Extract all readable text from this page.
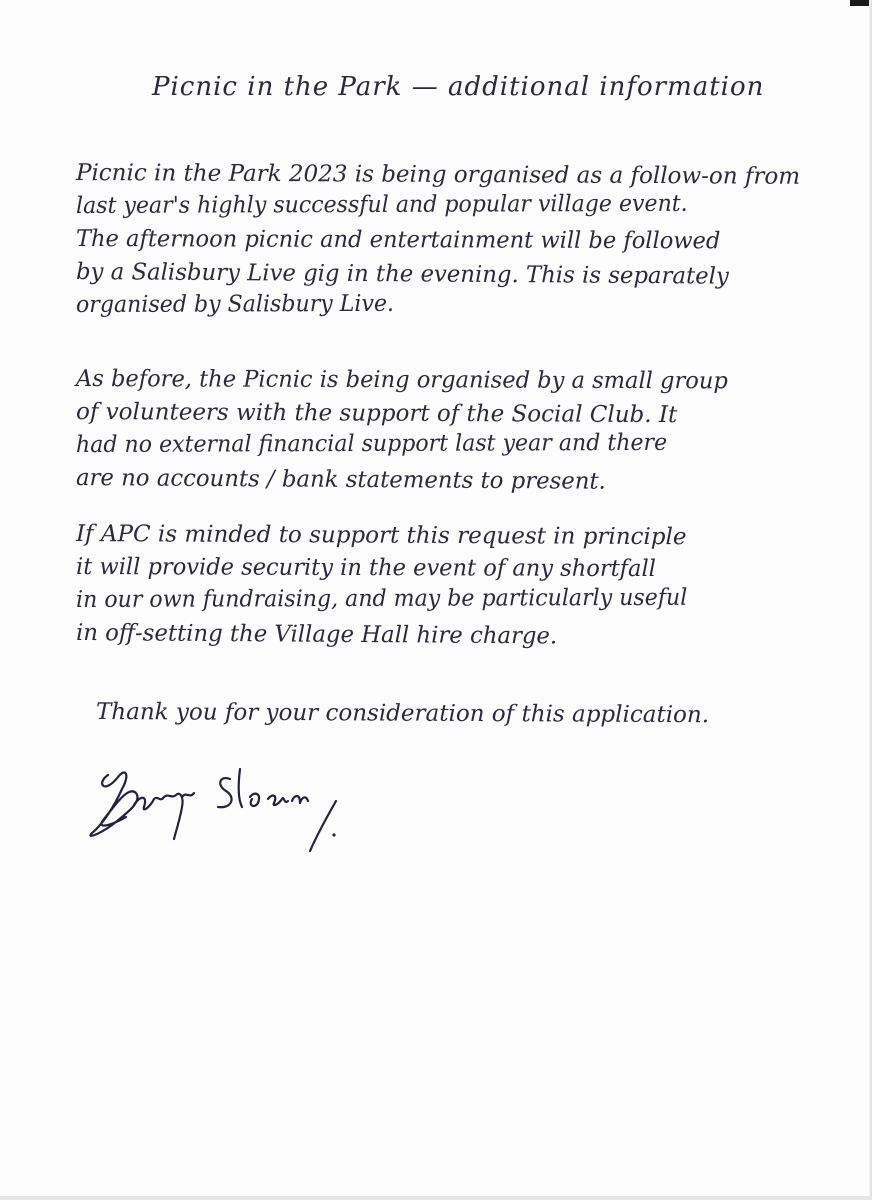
Picnic in the Park — additional information
Picnic in the Park 2023 is being organised as a follow-on from
last year's highly successful and popular village event.
The afternoon picnic and entertainment will be followed
by a Salisbury Live gig in the evening. This is separately
organised by Salisbury Live.
As before, the Picnic is being organised by a small group
of volunteers with the support of the Social Club. It
had no external financial support last year and there
are no accounts / bank statements to present.
If APC is minded to support this request in principle
it will provide security in the event of any shortfall
in our own fundraising, and may be particularly useful
in off-setting the Village Hall hire charge.
Thank you for your consideration of this application.
